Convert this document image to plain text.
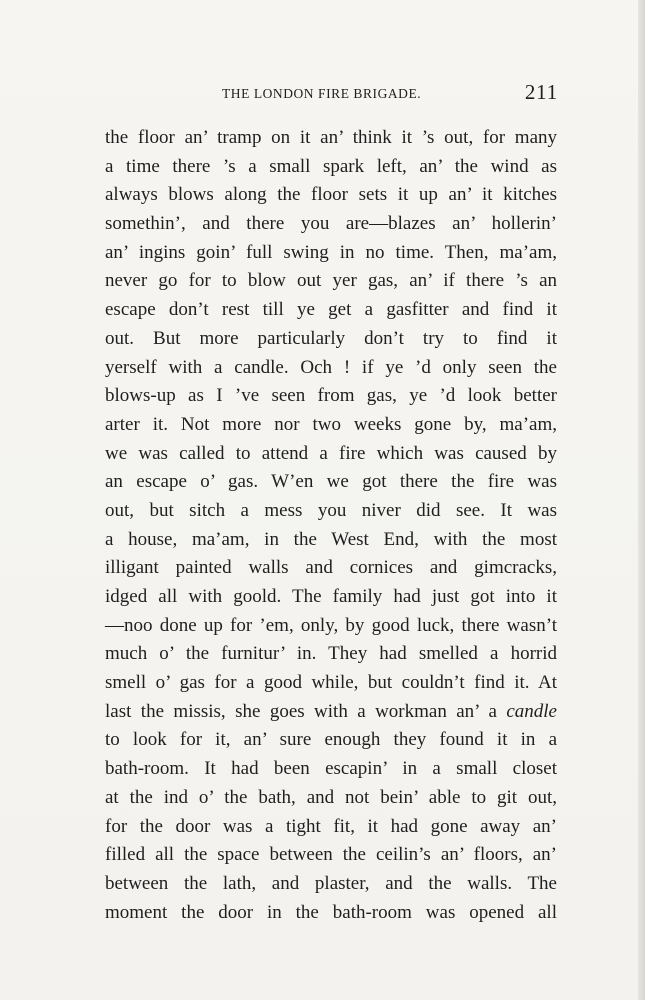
THE LONDON FIRE BRIGADE.	211
the floor an’ tramp on it an’ think it ’s out, for many
a time there ’s a small spark left, an’ the wind as
always blows along the floor sets it up an’ it kitches
somethin’, and there you are—blazes an’ hollerin’
an’ ingins goin’ full swing in no time. Then, ma’am,
never go for to blow out yer gas, an’ if there ’s an
escape don’t rest till ye get a gasfitter and find it
out. But more particularly don’t try to find it
yerself with a candle. Och ! if ye ’d only seen the
blows-up as I ’ve seen from gas, ye ’d look better
arter it. Not more nor two weeks gone by, ma’am,
we was called to attend a fire which was caused by
an escape o’ gas. W’en we got there the fire was
out, but sitch a mess you niver did see. It was
a house, ma’am, in the West End, with the most
illigant painted walls and cornices and gimcracks,
idged all with goold. The family had just got into it
—noo done up for ’em, only, by good luck, there wasn’t
much o’ the furnitur’ in. They had smelled a horrid
smell o’ gas for a good while, but couldn’t find it. At
last the missis, she goes with a workman an’ a candle
to look for it, an’ sure enough they found it in a
bath-room. It had been escapin’ in a small closet
at the ind o’ the bath, and not bein’ able to git out,
for the door was a tight fit, it had gone away an’
filled all the space between the ceilin’s an’ floors, an’
between the lath, and plaster, and the walls. The
moment the door in the bath-room was opened all
